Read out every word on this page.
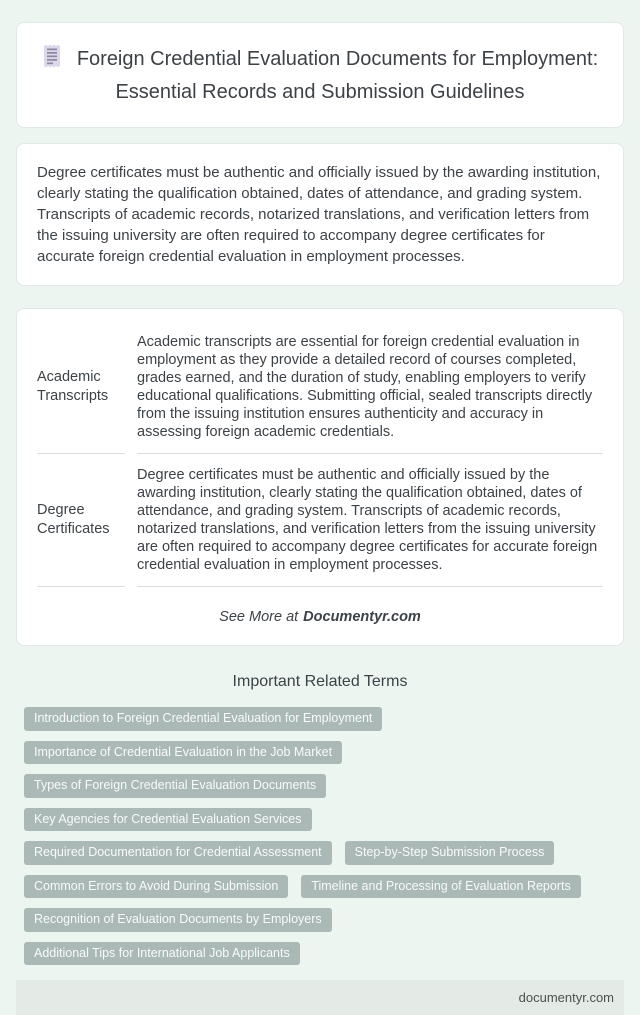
Foreign Credential Evaluation Documents for Employment: Essential Records and Submission Guidelines

Degree certificates must be authentic and officially issued by the awarding institution, clearly stating the qualification obtained, dates of attendance, and grading system. Transcripts of academic records, notarized translations, and verification letters from the issuing university are often required to accompany degree certificates for accurate foreign credential evaluation in employment processes.

Academic Transcripts	Academic transcripts are essential for foreign credential evaluation in employment as they provide a detailed record of courses completed, grades earned, and the duration of study, enabling employers to verify educational qualifications. Submitting official, sealed transcripts directly from the issuing institution ensures authenticity and accuracy in assessing foreign academic credentials.
Degree Certificates	Degree certificates must be authentic and officially issued by the awarding institution, clearly stating the qualification obtained, dates of attendance, and grading system. Transcripts of academic records, notarized translations, and verification letters from the issuing university are often required to accompany degree certificates for accurate foreign credential evaluation in employment processes.
See More at Documentyr.com
Important Related Terms
Introduction to Foreign Credential Evaluation for Employment
Importance of Credential Evaluation in the Job Market
Types of Foreign Credential Evaluation Documents
Key Agencies for Credential Evaluation Services
Required Documentation for Credential Assessment	Step-by-Step Submission Process
Common Errors to Avoid During Submission	Timeline and Processing of Evaluation Reports
Recognition of Evaluation Documents by Employers
Additional Tips for International Job Applicants
documentyr.com
